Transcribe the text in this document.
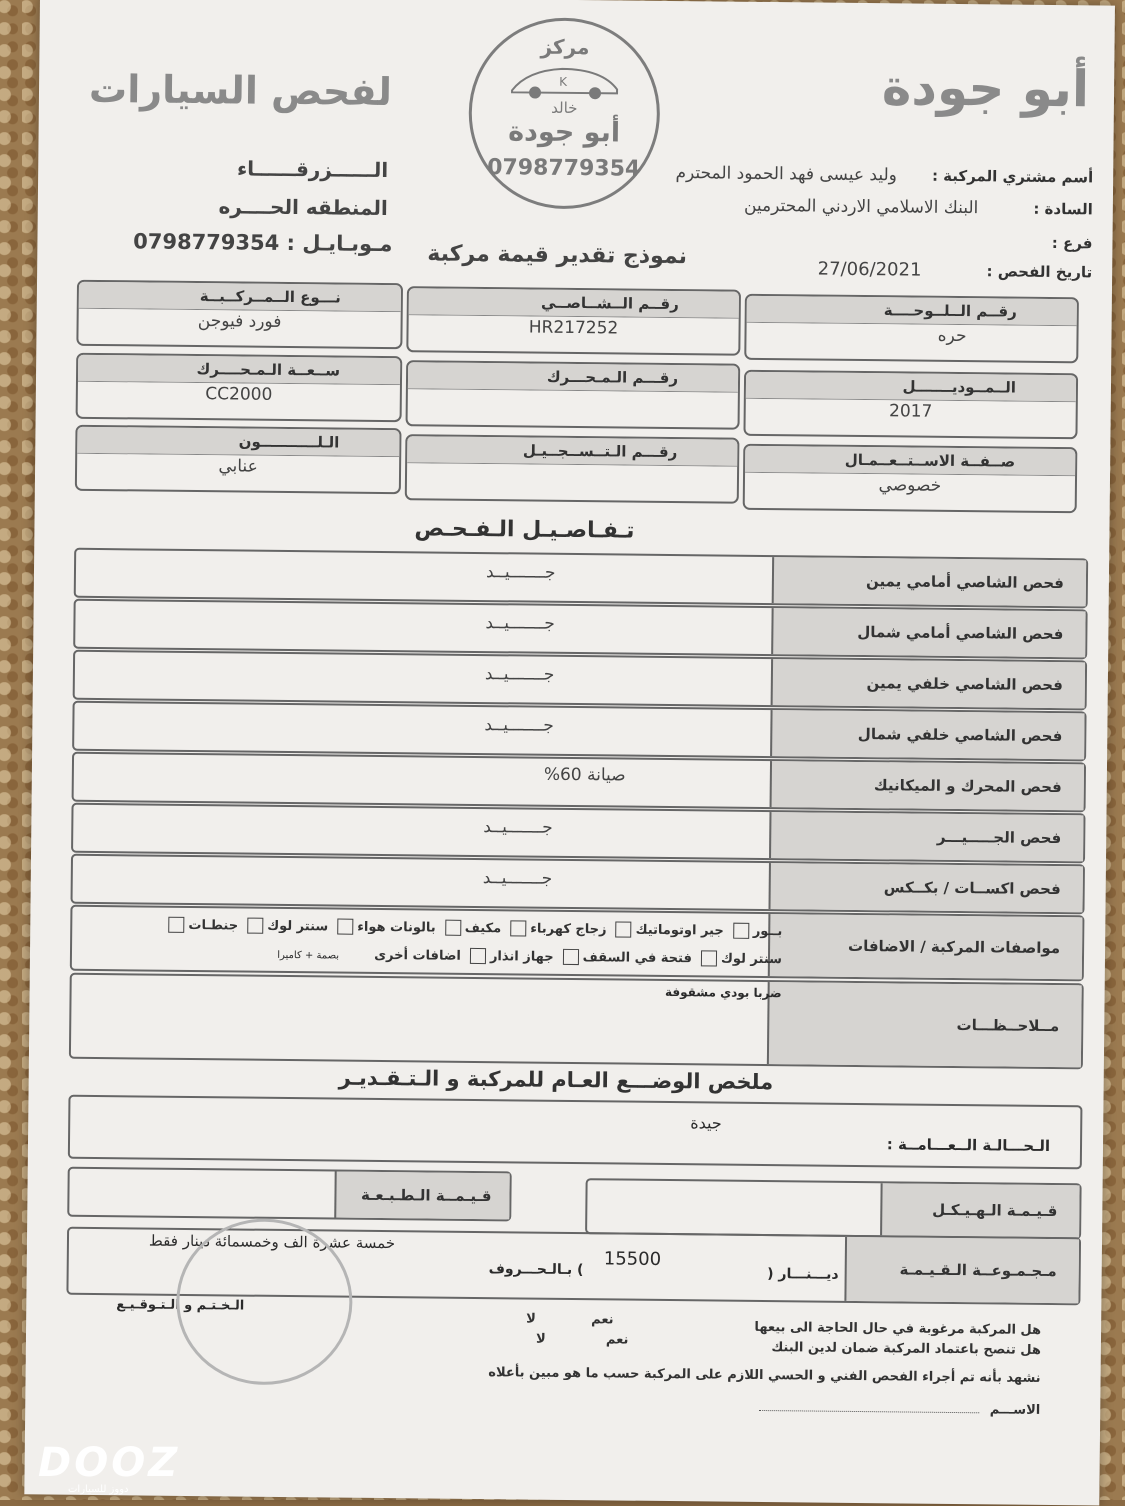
أبو جودة
لفحص السيارات
مركز
K
خالد
أبو جودة
0798779354
الــــــزرقــــــاء
المنطقه الحــــره
مـوبـايـل : 0798779354
أسم مشتري المركبة : وليد عيسى فهد الحمود المحترم
السادة : البنك الاسلامي الاردني المحترمين
فرع :
تاريخ الفحص : 27/06/2021
نموذج تقدير قيمة مركبة
نـــوع الــمــركــبــة
فورد فيوجن
رقــم الــشــاصــي
HR217252
رقــم الــلــوحــــة
حره
ســعــة الـمـحــــرك
CC2000
رقـــم الـمـحـــرك	الــمــوديـــــــل
2017
الـلـــــــــــون
عنابي
رقـــم الـتــســجــيـل	صــفــة الاســتــعــمـال
خصوصي
تـفـاصـيـل الـفـحـص
فحص الشاصي أمامي يمين
جـــــــيــد
فحص الشاصي أمامي شمال
جـــــــيــد
فحص الشاصي خلفي يمين
جـــــــيــد
فحص الشاصي خلفي شمال
جـــــــيــد
فحص المحرك و الميكانيك
صيانة 60%
فحص الجـــــيـــر
جـــــــيــد
فحص اكســات / بكــكس
جـــــــيــد
مواصفات المركبة / الاضافات
بــور جير اوتوماتيك زجاج كهرباء مكيف بالونات هواء سنتر لوك جنطـات
سنتر لوك فتحة في السقف جهاز انذار اضافات أخرى بصمة + كاميرا
مــلاحــظـــات
ضربا بودي مشقوفة
ملخص الوضـــع العـام للمركبة و الـتـقـديـر
الـحـــالـة الــعـــامــة :
جيدة
قـيـمــة الـطـبـعـة
قـيـمـة الـهـيـكـل
مـجـمـوعــة الـقـيـمـة
ديـــنـــار (
15500
) بـالـحـــروف
خمسة عشرة الف وخمسمائة دينار فقط
الـخـتـم و الـتـوقـيـع
هل المركبة مرغوبة في حال الحاجة الى بيعها
هل تنصح باعتماد المركبة ضمان لدين البنك
نشهد بأنه تم أجراء الفحص الفني و الحسي اللازم على المركبة حسب ما هو مبين بأعلاه
الاســـم
نعم
لا
نعم
لا
DOOZ
دووز للسيارات
